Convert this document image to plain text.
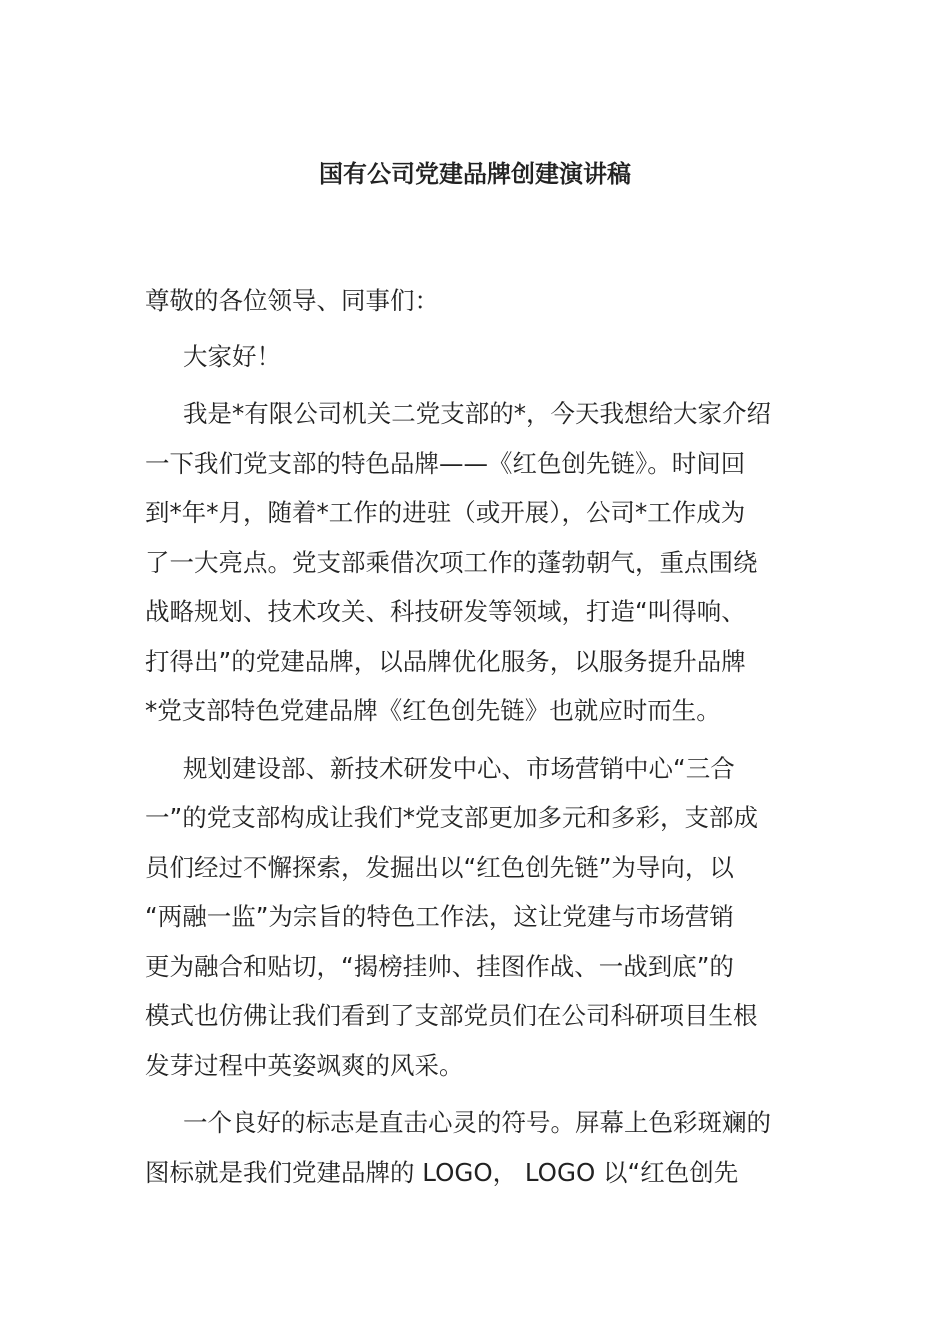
国有公司党建品牌创建演讲稿
尊敬的各位领导、同事们：
大家好！
我是*有限公司机关二党支部的*，今天我想给大家介绍
一下我们党支部的特色品牌——《红色创先链》。时间回
到*年*月，随着*工作的进驻（或开展），公司*工作成为
了一大亮点。党支部乘借次项工作的蓬勃朝气，重点围绕
战略规划、技术攻关、科技研发等领域，打造“叫得响、
打得出”的党建品牌，以品牌优化服务，以服务提升品牌
*党支部特色党建品牌《红色创先链》也就应时而生。
规划建设部、新技术研发中心、市场营销中心“三合
一”的党支部构成让我们*党支部更加多元和多彩，支部成
员们经过不懈探索，发掘出以“红色创先链”为导向，以
“两融一监”为宗旨的特色工作法，这让党建与市场营销
更为融合和贴切，“揭榜挂帅、挂图作战、一战到底”的
模式也仿佛让我们看到了支部党员们在公司科研项目生根
发芽过程中英姿飒爽的风采。
一个良好的标志是直击心灵的符号。屏幕上色彩斑斓的
图标就是我们党建品牌的 LOGO， LOGO 以“红色创先
